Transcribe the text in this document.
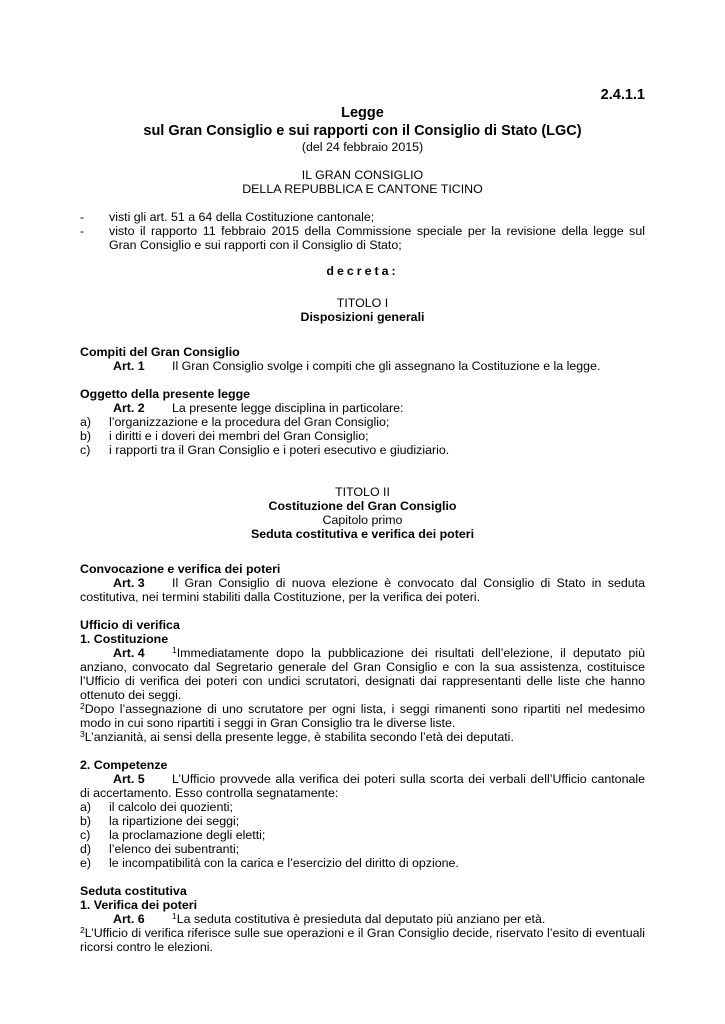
2.4.1.1
Legge
sul Gran Consiglio e sui rapporti con il Consiglio di Stato (LGC)
(del 24 febbraio 2015)
IL GRAN CONSIGLIO
DELLA REPUBBLICA E CANTONE TICINO
-	visti gli art. 51 a 64 della Costituzione cantonale;
-	visto il rapporto 11 febbraio 2015 della Commissione speciale per la revisione della legge sul Gran Consiglio e sui rapporti con il Consiglio di Stato;
decreta:
TITOLO I
Disposizioni generali
Compiti del Gran Consiglio
Art. 1 Il Gran Consiglio svolge i compiti che gli assegnano la Costituzione e la legge.
Oggetto della presente legge
Art. 2 La presente legge disciplina in particolare:
a)	l’organizzazione e la procedura del Gran Consiglio;
b)	i diritti e i doveri dei membri del Gran Consiglio;
c)	i rapporti tra il Gran Consiglio e i poteri esecutivo e giudiziario.
TITOLO II
Costituzione del Gran Consiglio
Capitolo primo
Seduta costitutiva e verifica dei poteri
Convocazione e verifica dei poteri
Art. 3 Il Gran Consiglio di nuova elezione è convocato dal Consiglio di Stato in seduta costitutiva, nei termini stabiliti dalla Costituzione, per la verifica dei poteri.
Ufficio di verifica
1. Costituzione
Art. 4	$^1$Immediatamente dopo la pubblicazione dei risultati dell’elezione, il deputato più anziano, convocato dal Segretario generale del Gran Consiglio e con la sua assistenza, costituisce l’Ufficio di verifica dei poteri con undici scrutatori, designati dai rappresentanti delle liste che hanno ottenuto dei seggi.
$^2$Dopo l’assegnazione di uno scrutatore per ogni lista, i seggi rimanenti sono ripartiti nel medesimo modo in cui sono ripartiti i seggi in Gran Consiglio tra le diverse liste.
$^3$L’anzianità, ai sensi della presente legge, è stabilita secondo l’età dei deputati.
2. Competenze
Art. 5 L’Ufficio provvede alla verifica dei poteri sulla scorta dei verbali dell’Ufficio cantonale di accertamento. Esso controlla segnatamente:
a)	il calcolo dei quozienti;
b)	la ripartizione dei seggi;
c)	la proclamazione degli eletti;
d)	l’elenco dei subentranti;
e)	le incompatibilità con la carica e l’esercizio del diritto di opzione.
Seduta costitutiva
1. Verifica dei poteri
Art. 6	$^1$La seduta costitutiva è presieduta dal deputato più anziano per età.
$^2$L’Ufficio di verifica riferisce sulle sue operazioni e il Gran Consiglio decide, riservato l’esito di eventuali ricorsi contro le elezioni.
